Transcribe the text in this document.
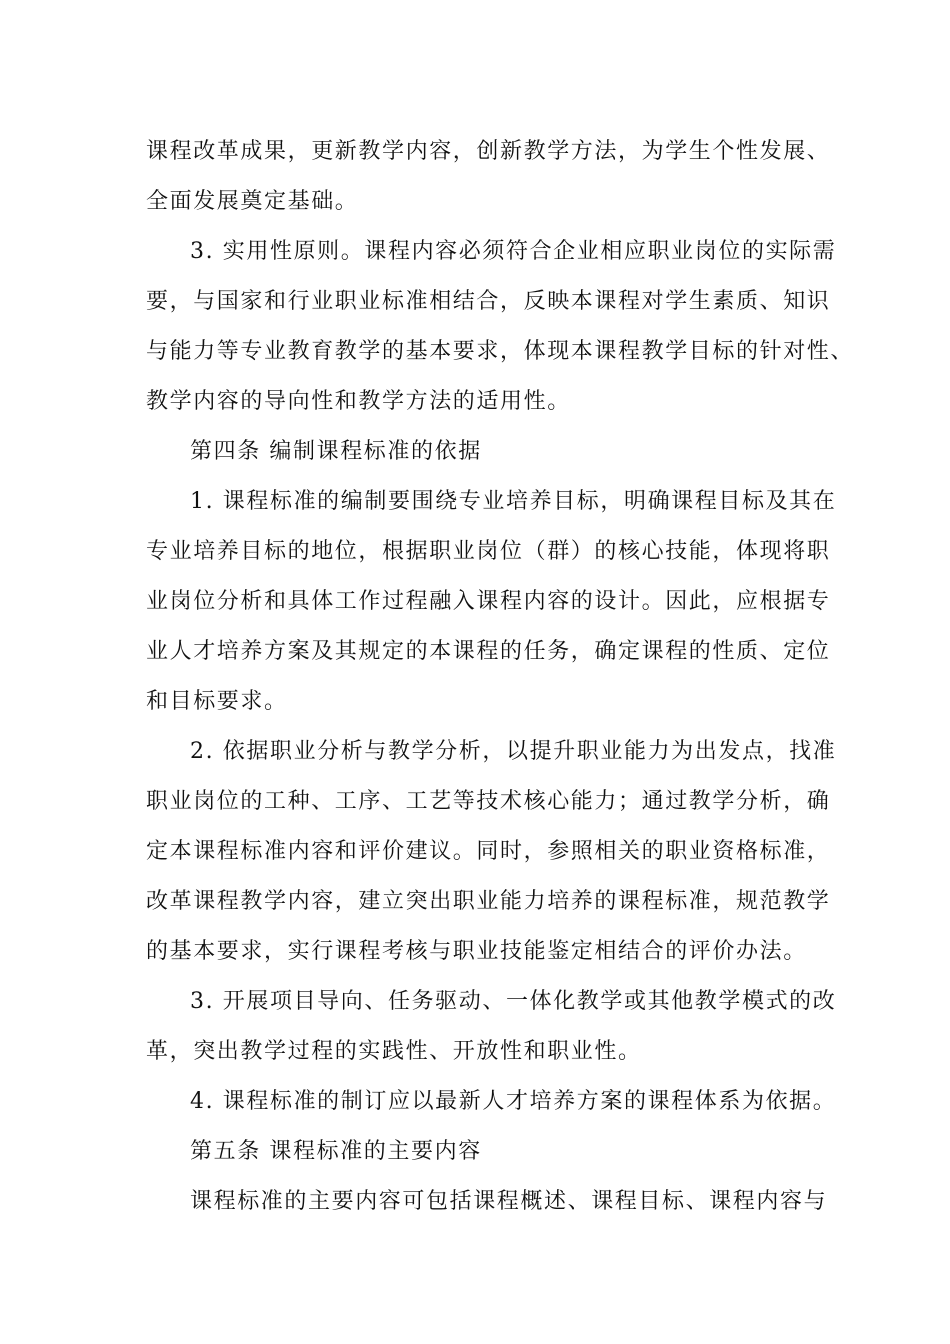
课程改革成果，更新教学内容，创新教学方法，为学生个性发展、
全面发展奠定基础。
3. 实用性原则。课程内容必须符合企业相应职业岗位的实际需
要，与国家和行业职业标准相结合，反映本课程对学生素质、知识
与能力等专业教育教学的基本要求，体现本课程教学目标的针对性、
教学内容的导向性和教学方法的适用性。
第四条 编制课程标准的依据
1. 课程标准的编制要围绕专业培养目标，明确课程目标及其在
专业培养目标的地位，根据职业岗位（群）的核心技能，体现将职
业岗位分析和具体工作过程融入课程内容的设计。因此，应根据专
业人才培养方案及其规定的本课程的任务，确定课程的性质、定位
和目标要求。
2. 依据职业分析与教学分析，以提升职业能力为出发点，找准
职业岗位的工种、工序、工艺等技术核心能力；通过教学分析，确
定本课程标准内容和评价建议。同时，参照相关的职业资格标准，
改革课程教学内容，建立突出职业能力培养的课程标准，规范教学
的基本要求，实行课程考核与职业技能鉴定相结合的评价办法。
3. 开展项目导向、任务驱动、一体化教学或其他教学模式的改
革，突出教学过程的实践性、开放性和职业性。
4. 课程标准的制订应以最新人才培养方案的课程体系为依据。
第五条 课程标准的主要内容
课程标准的主要内容可包括课程概述、课程目标、课程内容与
